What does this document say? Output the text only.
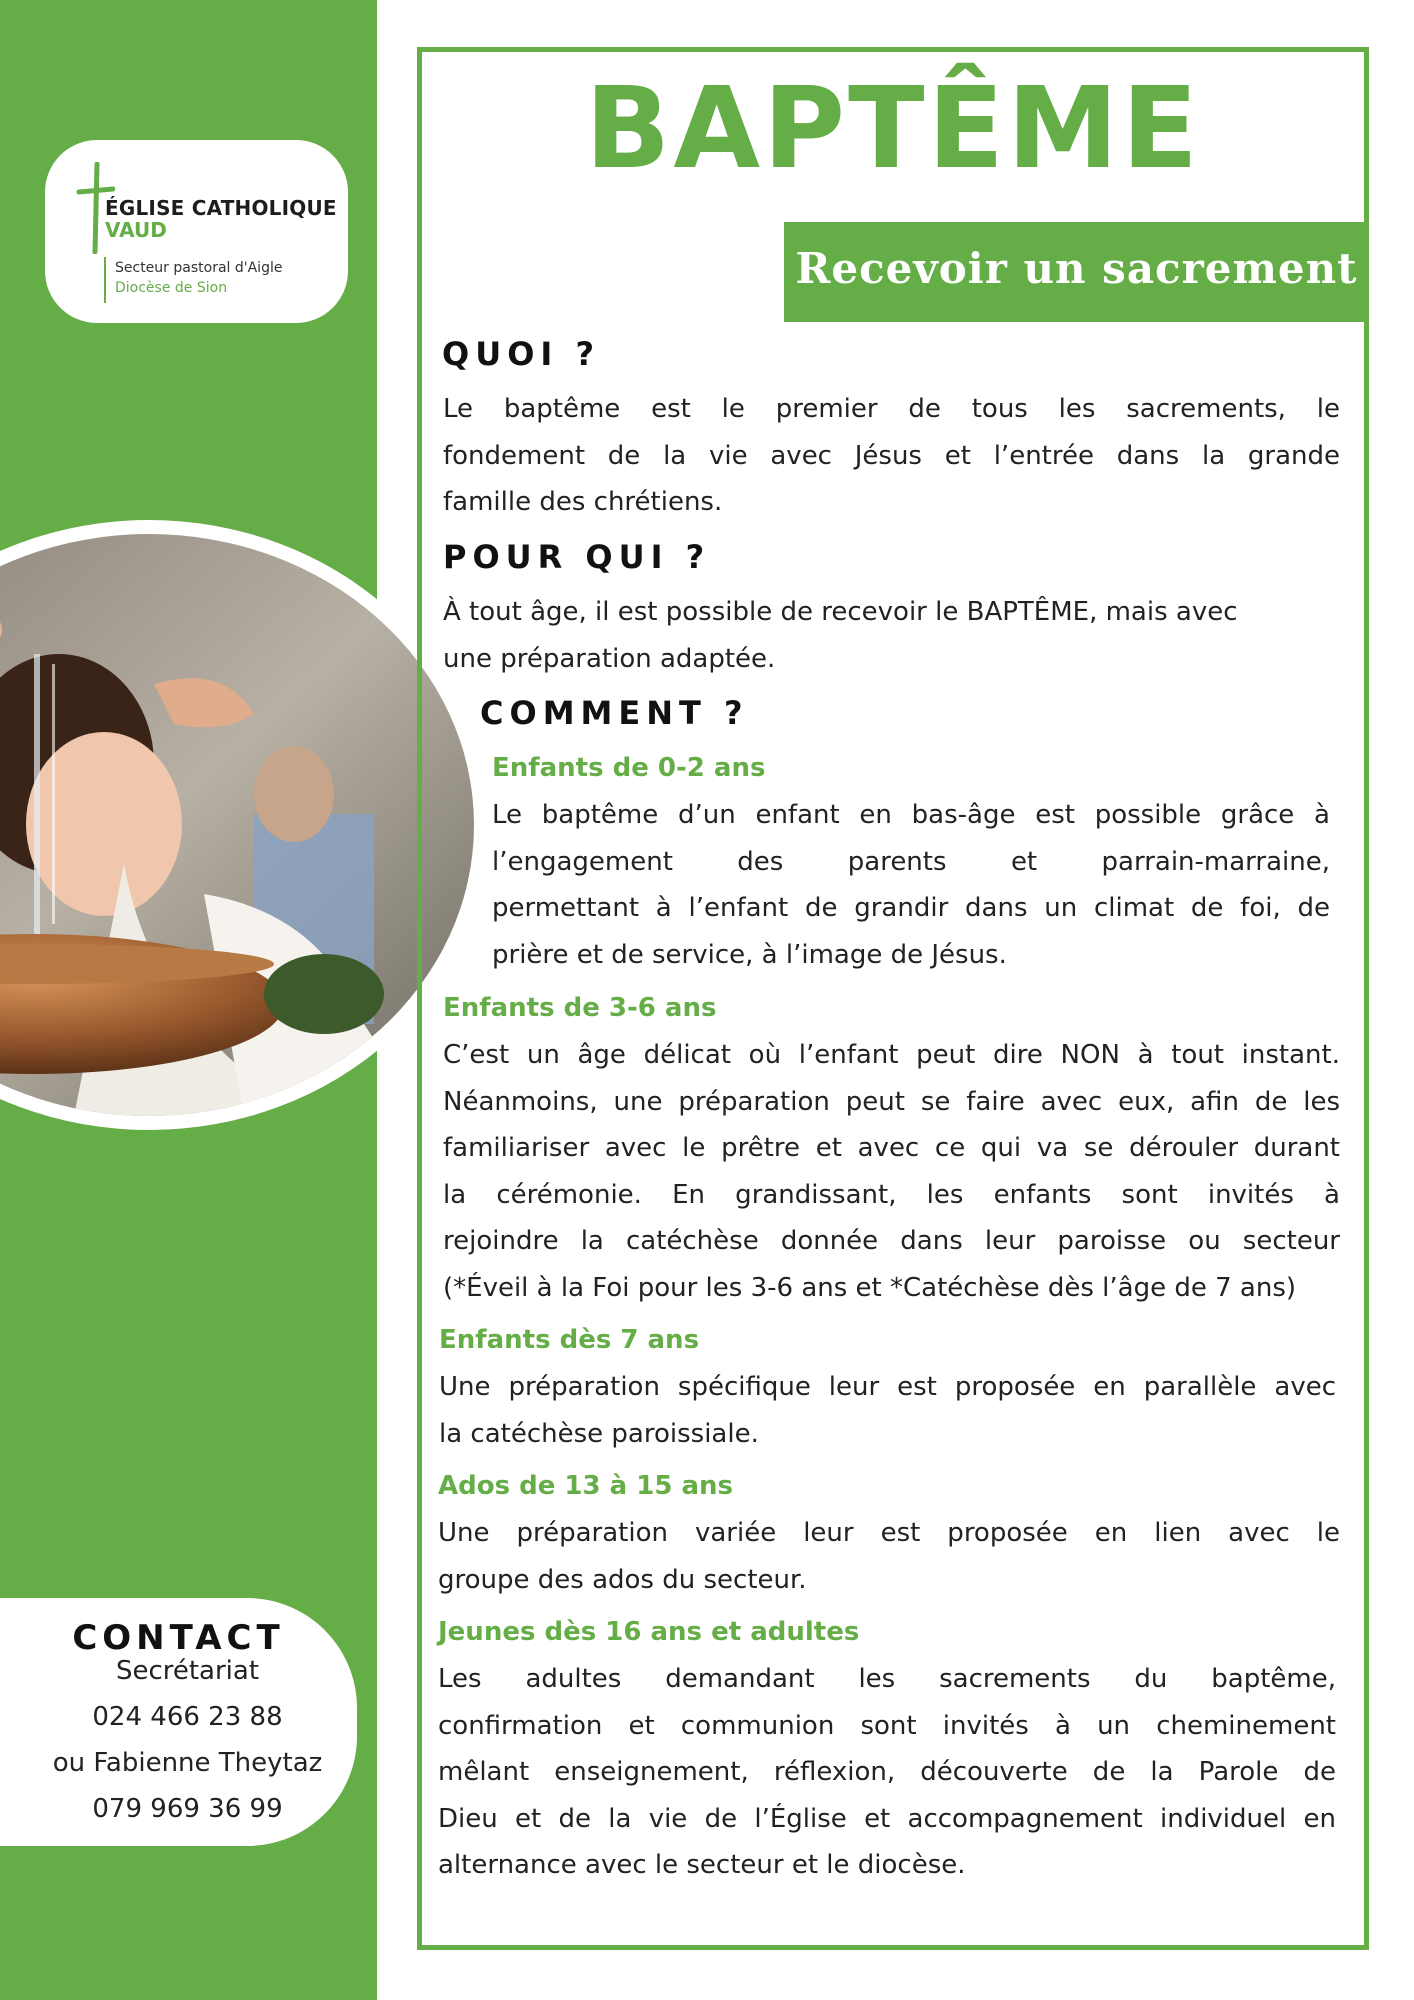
ÉGLISE CATHOLIQUE
VAUD
Secteur pastoral d'Aigle
Diocèse de Sion
CONTACT
Secrétariat
024 466 23 88
ou Fabienne Theytaz
079 969 36 99
BAPTÊME
Recevoir un sacrement
QUOI ?
Le baptême est le premier de tous les sacrements, le
fondement de la vie avec Jésus et l’entrée dans la grande
famille des chrétiens.
POUR QUI ?
À tout âge, il est possible de recevoir le BAPTÊME, mais avec
une préparation adaptée.
COMMENT ?
Enfants de 0-2 ans
Le baptême d’un enfant en bas-âge est possible grâce à
l’engagement des parents et parrain-marraine,
permettant à l’enfant de grandir dans un climat de foi, de
prière et de service, à l’image de Jésus.
Enfants de 3-6 ans
C’est un âge délicat où l’enfant peut dire NON à tout instant.
Néanmoins, une préparation peut se faire avec eux, afin de les
familiariser avec le prêtre et avec ce qui va se dérouler durant
la cérémonie. En grandissant, les enfants sont invités à
rejoindre la catéchèse donnée dans leur paroisse ou secteur
(*Éveil à la Foi pour les 3-6 ans et *Catéchèse dès l’âge de 7 ans)
Enfants dès 7 ans
Une préparation spécifique leur est proposée en parallèle avec
la catéchèse paroissiale.
Ados de 13 à 15 ans
Une préparation variée leur est proposée en lien avec le
groupe des ados du secteur.
Jeunes dès 16 ans et adultes
Les adultes demandant les sacrements du baptême,
confirmation et communion sont invités à un cheminement
mêlant enseignement, réflexion, découverte de la Parole de
Dieu et de la vie de l’Église et accompagnement individuel en
alternance avec le secteur et le diocèse.
